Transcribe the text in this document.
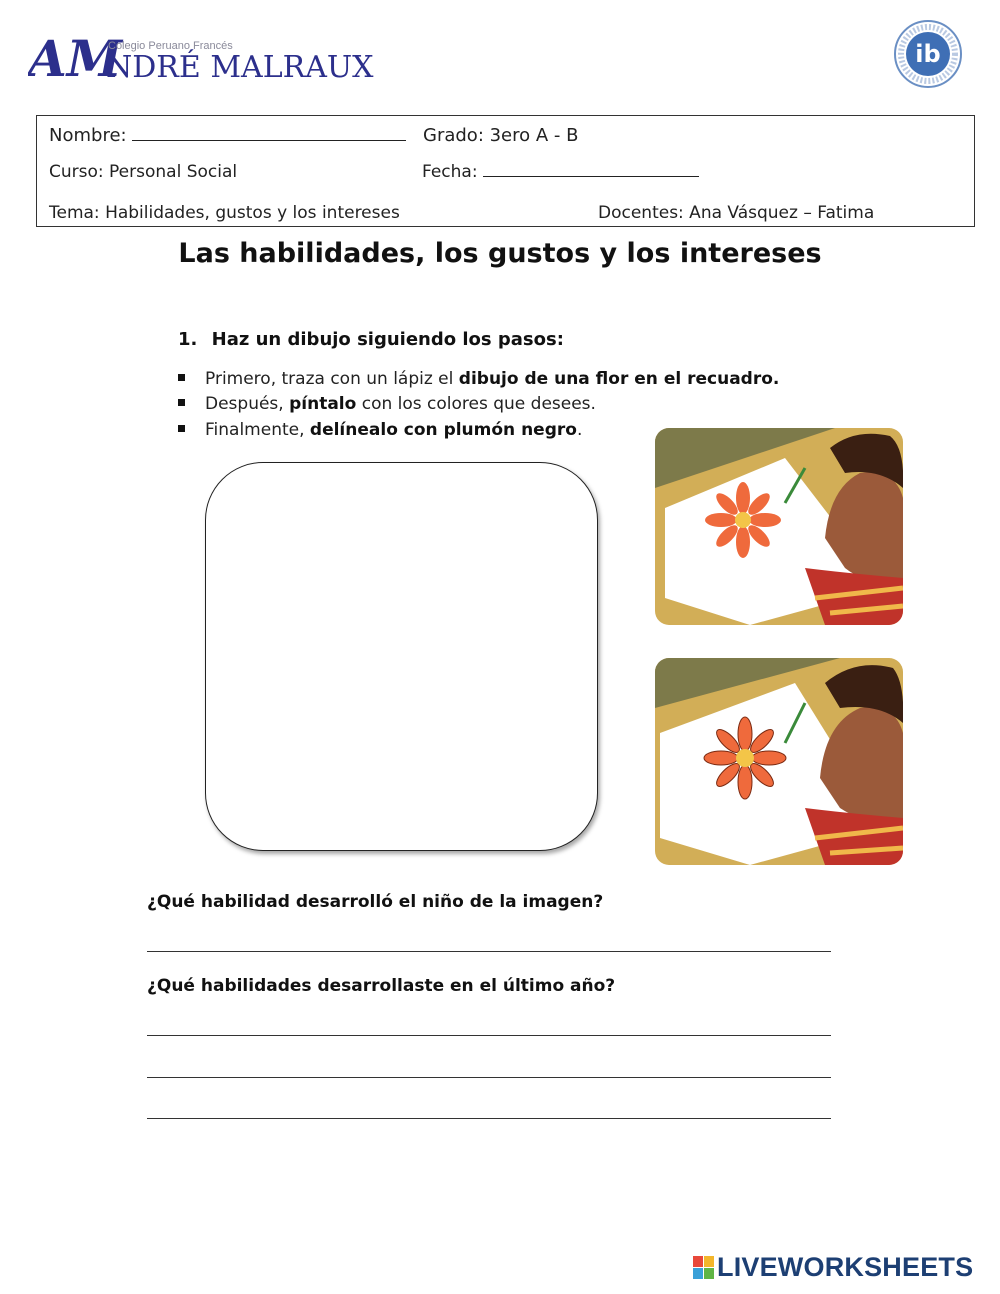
AM
Colegio Peruano Francés
NDRÉ MALRAUX	ib
Nombre:	Grado: 3ero A - B
Curso: Personal Social	Fecha:
Tema: Habilidades, gustos y los intereses	Docentes: Ana Vásquez – Fatima
Las habilidades, los gustos y los intereses
1. Haz un dibujo siguiendo los pasos:
Primero, traza con un lápiz el dibujo de una flor en el recuadro.
Después, píntalo con los colores que desees.
Finalmente, delínealo con plumón negro.
¿Qué habilidad desarrolló el niño de la imagen?
¿Qué habilidades desarrollaste en el último año?
LIVEWORKSHEETS
